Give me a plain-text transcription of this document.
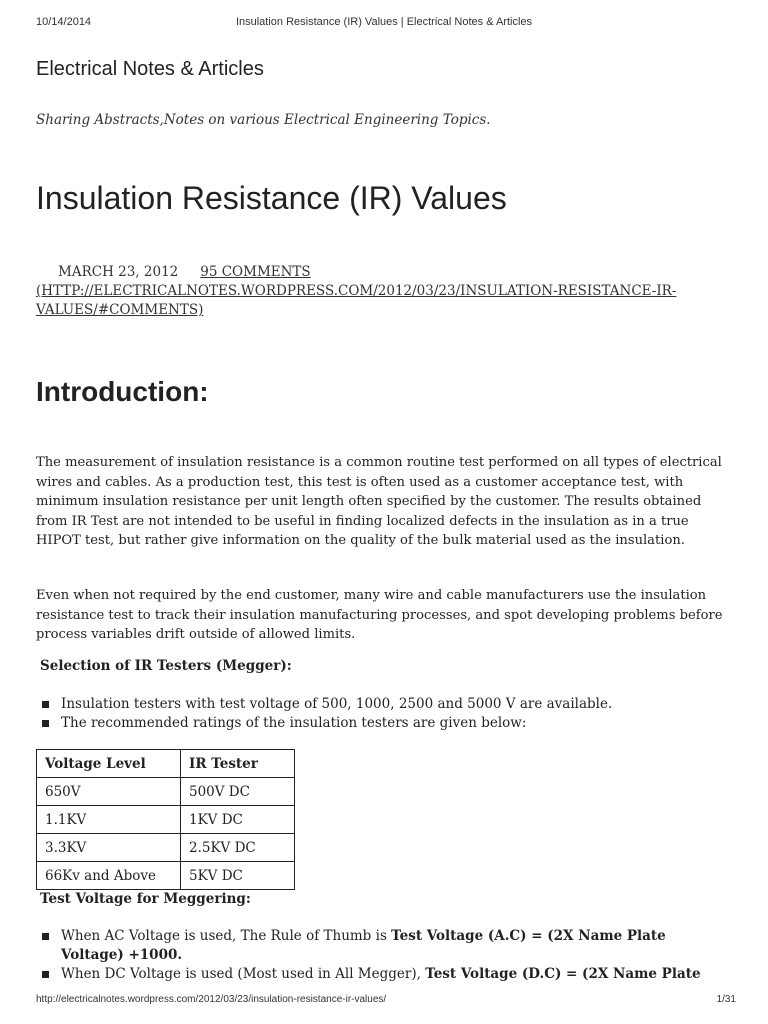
10/14/2014	Insulation Resistance (IR) Values | Electrical Notes & Articles
Electrical Notes & Articles
Sharing Abstracts,Notes on various Electrical Engineering Topics.
Insulation Resistance (IR) Values
MARCH 23, 2012 95 COMMENTS (HTTP://ELECTRICALNOTES.WORDPRESS.COM/2012/03/23/INSULATION-RESISTANCE-IR-VALUES/#COMMENTS)
Introduction:

The measurement of insulation resistance is a common routine test performed on all types of electrical wires and cables. As a production test, this test is often used as a customer acceptance test, with minimum insulation resistance per unit length often specified by the customer. The results obtained from IR Test are not intended to be useful in finding localized defects in the insulation as in a true HIPOT test, but rather give information on the quality of the bulk material used as the insulation.

Even when not required by the end customer, many wire and cable manufacturers use the insulation resistance test to track their insulation manufacturing processes, and spot developing problems before process variables drift outside of allowed limits.

Selection of IR Testers (Megger):

Insulation testers with test voltage of 500, 1000, 2500 and 5000 V are available.
The recommended ratings of the insulation testers are given below:
Voltage Level	IR Tester
650V	500V DC
1.1KV	1KV DC
3.3KV	2.5KV DC
66Kv and Above	5KV DC

Test Voltage for Meggering:

When AC Voltage is used, The Rule of Thumb is Test Voltage (A.C) = (2X Name Plate Voltage) +1000.
When DC Voltage is used (Most used in All Megger), Test Voltage (D.C) = (2X Name Plate
http://electricalnotes.wordpress.com/2012/03/23/insulation-resistance-ir-values/	1/31
